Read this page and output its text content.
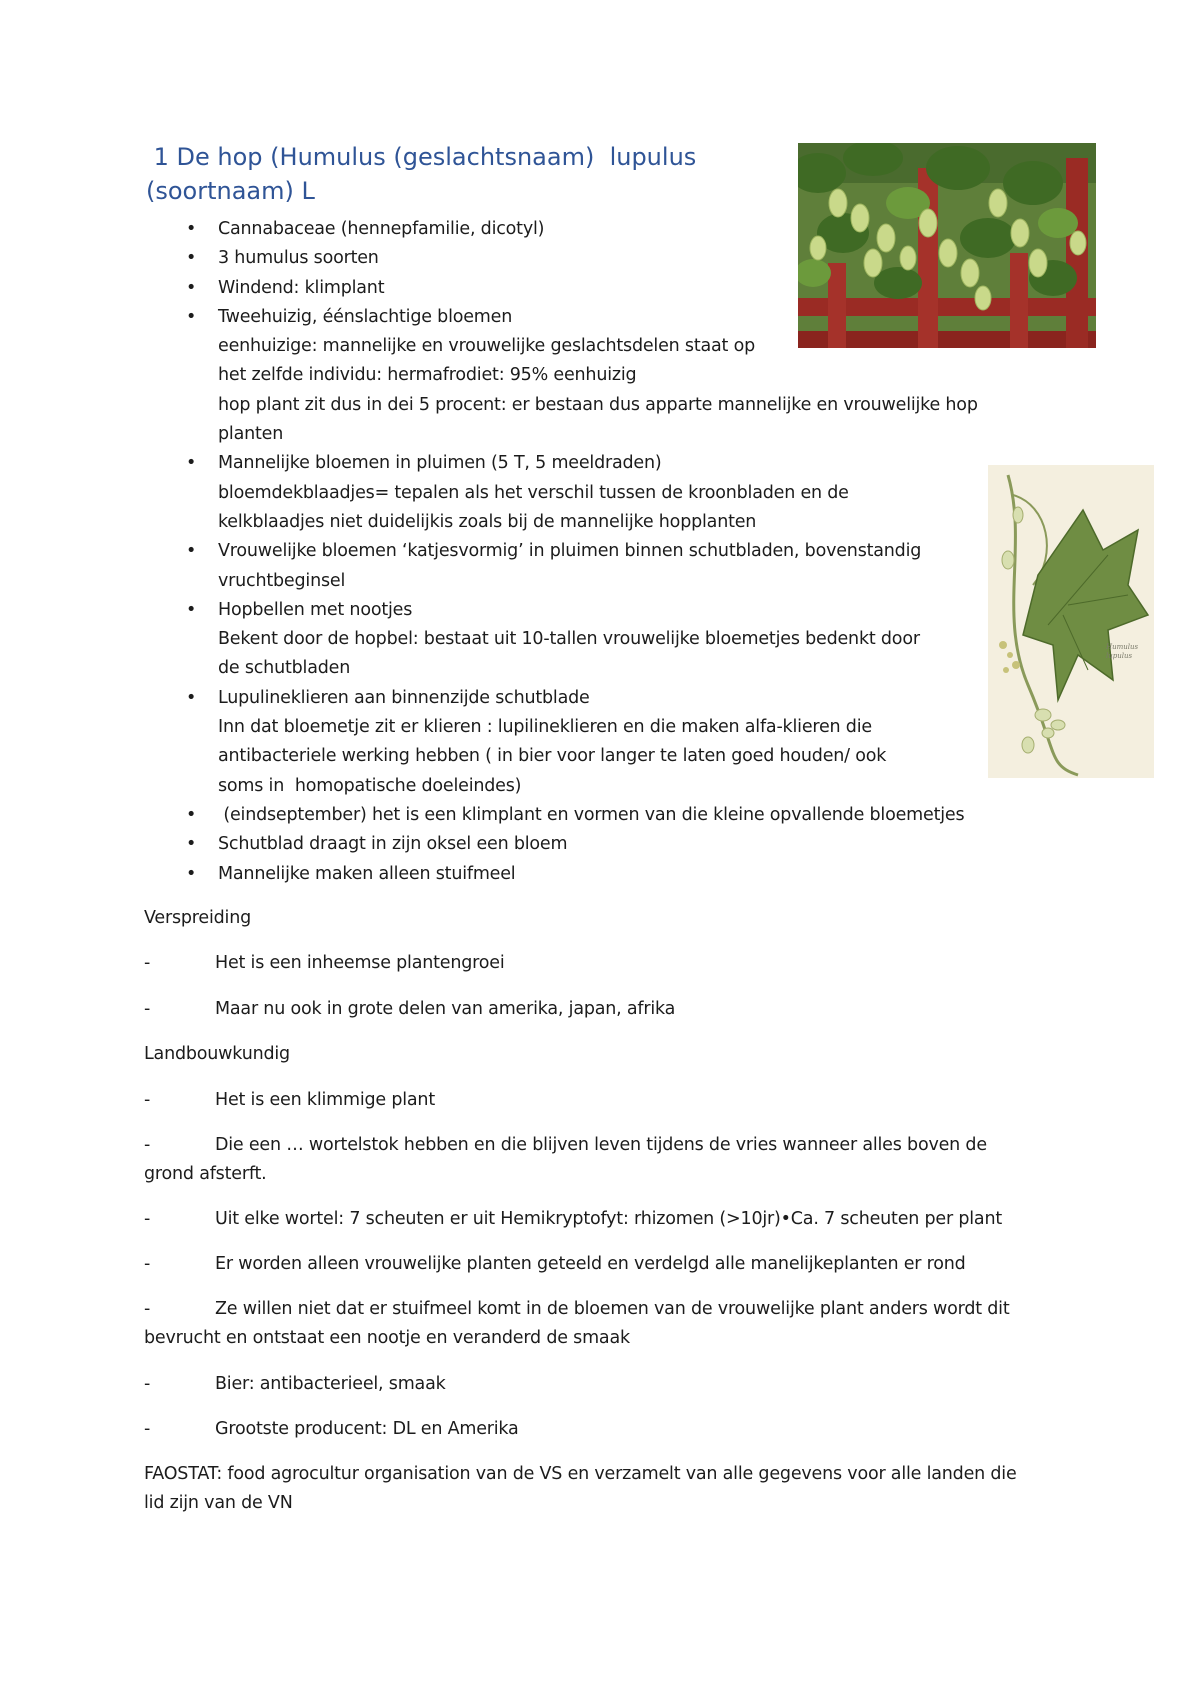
1 De hop (Humulus (geslachtsnaam)  lupulus
(soortnaam) L
Humulus lupulus
• Cannabaceae (hennepfamilie, dicotyl)
• 3 humulus soorten
• Windend: klimplant
• Tweehuizig, éénslachtige bloemen
eenhuizige: mannelijke en vrouwelijke geslachtsdelen staat op
het zelfde individu: hermafrodiet: 95% eenhuizig
hop plant zit dus in dei 5 procent: er bestaan dus apparte mannelijke en vrouwelijke hop
planten
• Mannelijke bloemen in pluimen (5 T, 5 meeldraden)
bloemdekblaadjes= tepalen als het verschil tussen de kroonbladen en de
kelkblaadjes niet duidelijkis zoals bij de mannelijke hopplanten
• Vrouwelijke bloemen ‘katjesvormig’ in pluimen binnen schutbladen, bovenstandig
vruchtbeginsel
• Hopbellen met nootjes
Bekent door de hopbel: bestaat uit 10-tallen vrouwelijke bloemetjes bedenkt door
de schutbladen
• Lupulineklieren aan binnenzijde schutblade
Inn dat bloemetje zit er klieren : lupilineklieren en die maken alfa-klieren die
antibacteriele werking hebben ( in bier voor langer te laten goed houden/ ook
soms in  homopatische doeleindes)
• (eindseptember) het is een klimplant en vormen van die kleine opvallende bloemetjes
• Schutblad draagt in zijn oksel een bloem
• Mannelijke maken alleen stuifmeel

Verspreiding

-	Het is een inheemse plantengroei
-	Maar nu ook in grote delen van amerika, japan, afrika

Landbouwkundig

-	Het is een klimmige plant
-	Die een … wortelstok hebben en die blijven leven tijdens de vries wanneer alles boven de
grond afsterft.
-	Uit elke wortel: 7 scheuten er uit Hemikryptofyt: rhizomen (>10jr)•Ca. 7 scheuten per plant
-	Er worden alleen vrouwelijke planten geteeld en verdelgd alle manelijkeplanten er rond
-	Ze willen niet dat er stuifmeel komt in de bloemen van de vrouwelijke plant anders wordt dit
bevrucht en ontstaat een nootje en veranderd de smaak
-	Bier: antibacterieel, smaak
-	Grootste producent: DL en Amerika
FAOSTAT: food agrocultur organisation van de VS en verzamelt van alle gegevens voor alle landen die
lid zijn van de VN
